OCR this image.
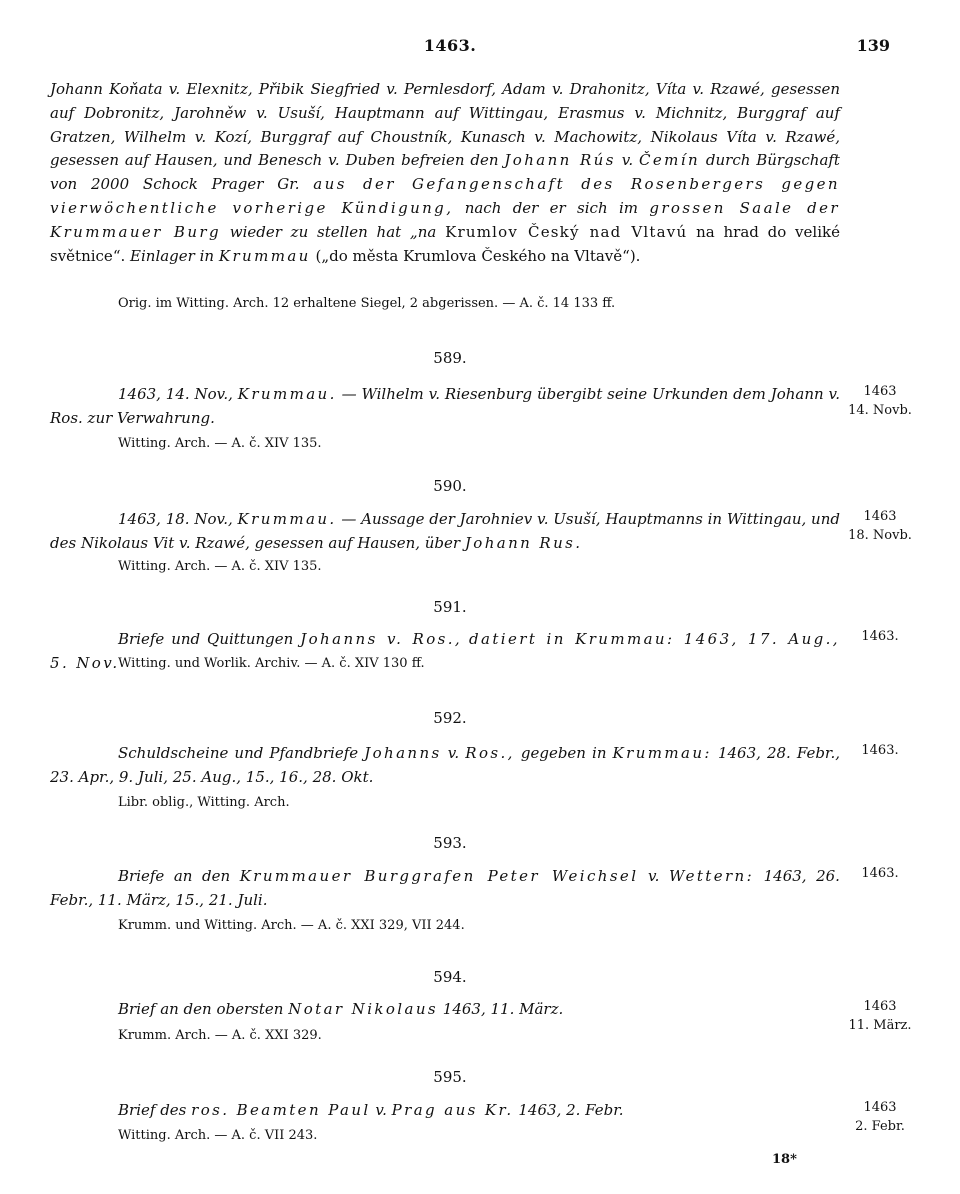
1463.	139
Johann Koňata v. Elexnitz, Přibik Siegfried v. Pernlesdorf, Adam v. Drahonitz, Víta v. Rzawé, gesessen auf Dobronitz, Jarohněw v. Usuší, Hauptmann auf Wittingau, Erasmus v. Michnitz, Burggraf auf Gratzen, Wilhelm v. Kozí, Burggraf auf Choustník, Kunasch v. Machowitz, Nikolaus Víta v. Rzawé, gesessen auf Hausen, und Benesch v. Duben befreien den Johann Rús v. Čemín durch Bürgschaft von 2000 Schock Prager Gr. aus der Gefangenschaft des Rosenbergers gegen vierwöchentliche vorherige Kündigung, nach der er sich im grossen Saale der Krummauer Burg wieder zu stellen hat „na Krumlov Český nad Vltavú na hrad do veliké světnice“. Einlager in Krummau („do města Krumlova Českého na Vltavě“).
Orig. im Witting. Arch. 12 erhaltene Siegel, 2 abgerissen. — A. č. 14 133 ff.
589.
1463, 14. Nov., Krummau. — Wilhelm v. Riesenburg übergibt seine Urkunden dem Johann v. Ros. zur Verwahrung.
1463
14. Novb.
Witting. Arch. — A. č. XIV 135.
590.
1463, 18. Nov., Krummau. — Aussage der Jarohniev v. Usuší, Hauptmanns in Wittingau, und des Nikolaus Vit v. Rzawé, gesessen auf Hausen, über Johann Rus.
1463
18. Novb.
Witting. Arch. — A. č. XIV 135.
591.
Briefe und Quittungen Johanns v. Ros., datiert in Krummau: 1463, 17. Aug., 5. Nov.
1463.
Witting. und Worlik. Archiv. — A. č. XIV 130 ff.
592.
Schuldscheine und Pfandbriefe Johanns v. Ros., gegeben in Krummau: 1463, 28. Febr., 23. Apr., 9. Juli, 25. Aug., 15., 16., 28. Okt.
1463.
Libr. oblig., Witting. Arch.
593.
Briefe an den Krummauer Burggrafen Peter Weichsel v. Wettern: 1463, 26. Febr., 11. März, 15., 21. Juli.
1463.
Krumm. und Witting. Arch. — A. č. XXI 329, VII 244.
594.
Brief an den obersten Notar Nikolaus 1463, 11. März.	1463
11. März.
Krumm. Arch. — A. č. XXI 329.
595.
Brief des ros. Beamten Paul v. Prag aus Kr. 1463, 2. Febr.	1463
2. Febr.
Witting. Arch. — A. č. VII 243.
18*
